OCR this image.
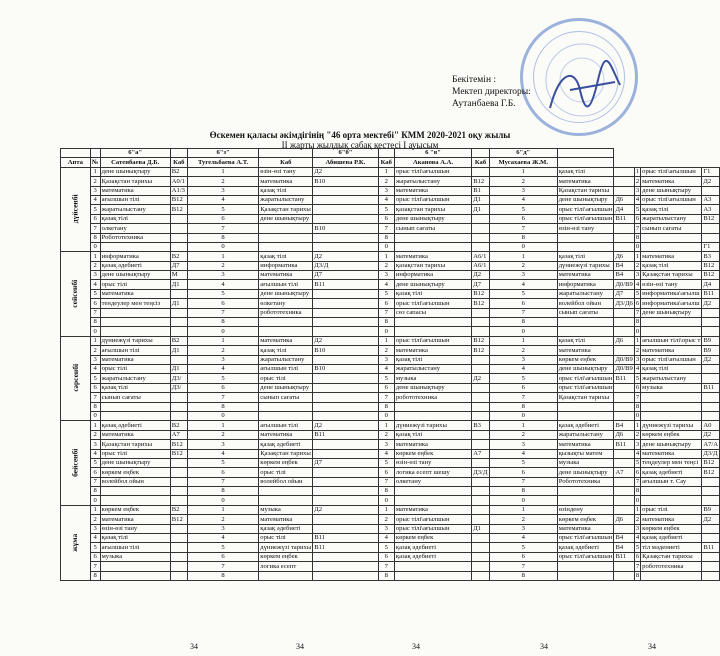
Бекітемін :
Мектеп директоры:
Аутанбаева Г.Б.
Өскемен қаласы әкімдігінің "46 орта мектебі" КММ 2020-2021 оқу жылы
ІІ жарты жылдық сабақ кестесі І ауысым
		6"а"		6"з"		6"б"		6 "в"		6"д"					
Апта	№	Сатенбаева Д.Б.	Каб	Тугельбаева А.Т.	Каб	Абишева Р.К.	Каб	Аканова А.А.	Каб	Мусахаева Ж.М.					
дүйсенбі	1	дене шынықтыру	В2	1	өзін-өзі тану	Д2	1	орыс тілі\ағылшын		1	қазақ тілі		1	орыс тілі\ағылшын	Г1
	2	Қазақстан тарихы	А0/1	2	математика	В10	2	жаратылыстану	В12	2	математика		2	математика	Д2
	3	математика	А1/3	3	қазақ тілі		3	математика	В1	3	Қазақстан тарихы		3	дене шынықтыру	
	4	ағылшын тілі	В12	4	жаратылыстану		4	орыс тілі\ағылшын	Д1	4	дене шынықтыру	Д6	4	орыс тілі\ағылшын	А3
	5	жаратылыстану	В12	5	Қазақстан тарихы		5	қазақстан тарихы	Д1	5	орыс тілі\ағылшын	Д4	5	қазақ тілі	А3
	6	қазақ тілі		6	дене шынықтыру		6	дене шынықтыру		6	орыс тілі\ағылшын	В11	6	жаратылыстану	В12
	7	олкетану		7		В10	7	сынып сағаты		7	өзін-өзі тану		7	сынып сағаты	
	8	Робототехника		8			8			8			8		
	0			0			0			0			0		Г1
сейсенбі	1	информатика	В2	1	қазақ тілі	Д2	1	математика	А6/1	1	қазақ тілі	Д6	1	математика	В3
	2	қазақ әдебиеті	Д7	2	информатика	Д3/Д	2	қазақстан тарихы	А6/1	2	дүниежүзі тарихы	В4	2	қазақ тілі	В12
	3	дене шынықтыру	М	3	математика	Д7	3	информатика	Д2	3	математика	В4	3	Қазақстан тарихы	В12
	4	орыс тілі	Д1	4	ағылшын тілі	В11	4	дене шынықтыру	Д7	4	информатика	Д0/В9	4	өзін-өзі тану	Д4
	5	математика		5	дене шынықтыру		5	қазақ тілі	В12	5	жаратылыстану	Д7	5	информатика\ағылш	В11
	6	тендеулер мен теңсіз	Д1	6	өлкетану		6	орыс тілі\ағылшын	В12	6	волейбол ойын	Д3/Д6	6	информатика\ағылш	Д2
	7			7	робототехника		7	сөз сапасы		7	сынып сағаты		7	дене шынықтыру	
	8			8			8			8			8		
	0			0			0			0			0		
сәрсенбі	1	дүниежүзі тарихы	В2	1	математика	Д2	1	орыс тілі\ағылшын	В12	1	қазақ тілі	Д6	1	ағылшын тілі\орыс т	В9
	2	ағылшын тілі	Д1	2	қазақ тілі	В10	2	математика	В12	2	математика		2	математика	В9
	3	математика		3	жаратылыстану		3	қазақ тілі		3	көркем еңбек	Д0/В9	3	орыс тілі\ағылшын	Д2
	4	орыс тілі	Д1	4	ағылшын тілі	В10	4	жаратылыстану		4	дене шынықтыру	Д0/В9	4	қазақ тілі	
	5	жаратылыстану	Д3/	5	орыс тілі		5	музыка	Д2	5	орыс тілі\ағылшын	В11	5	жаратылыстану	
	6	қазақ тілі	Д3/	6	дене шынықтыру		6	дене шынықтыру		6	орыс тілі\ағылшын		6	музыка	В11
	7	сынып сағаты		7	сынып сағаты		7	робототехника		7	Қазақстан тарихы		7		
	8			8			8			8			8		
	0			0			0			0			0		
бейсенбі	1	қазақ әдебиеті	В2	1	ағылшын тілі	Д2	1	дүниежүзі тарихы	В3	1	қазақ әдебиеті	В4	1	дүниежүзі тарихы	А0
	2	математика	А7	2	математика	В11	2	қазақ тілі		2	жаратылыстану	Д6	2	көркем еңбек	Д2
	3	Қазақстан тарихы	В12	3	қазақ әдебиеті		3	математика		3	математика	В11	3	дене шынықтыру	А7/А
	4	орыс тілі	В12	4	Қазақстан тарихы		4	көркем еңбек	А7	4	қызықты матем		4	математика	Д3/Д
	5	дене шынықтыру		5	көркем еңбек	Д7	5	өзін-өзі тану		5	музыка		5	теңдеулер мен теңсі	В12
	6	көркем еңбек		6	орыс тілі		6	логика есепт шешу	Д3/Д	6	дене шынықтыру	А7	6	қазақ әдебиеті	В12
	7	волейбол ойын		7	волейбол ойын		7	олкетану		7	Робототехника		7	ағылшын т. Сау	
	8			8			8			8			8		
	0			0			0			0			0		
жұма	1	көркем еңбек	В2	1	музыка	Д2	1	математика		1	өзіндену		1	орыс тілі	В9
	2	математика	В12	2	математика		2	орыс тілі\ағылшын		2	көркем еңбек	Д6	2	математика	Д2
	3	өзін-өзі тану		3	қазақ әдебиеті		3	орыс тілі\ағылшын	Д1	3	математика		3	көркем еңбек	
	4	қазақ тілі		4	орыс тілі	В11	4	көркем еңбек		4	орыс тілі\ағылшын	В4	4	қазақ әдебиеті	
	5	ағылшын тілі		5	дүниежүзі тарихы	В11	5	қазақ әдебиеті		5	қазақ әдебиеті	В4	5	тіл мәдениеті	В11
	6	музыка		6	көркем еңбек		6	қазақ әдебиеті		6	орыс тілі\ағылшын	В11	6	Қазақстан тарихы	
	7			7	логика есепт		7			7			7	робототехника	
	8			8			8			8			8		
34	34	34	34	34
